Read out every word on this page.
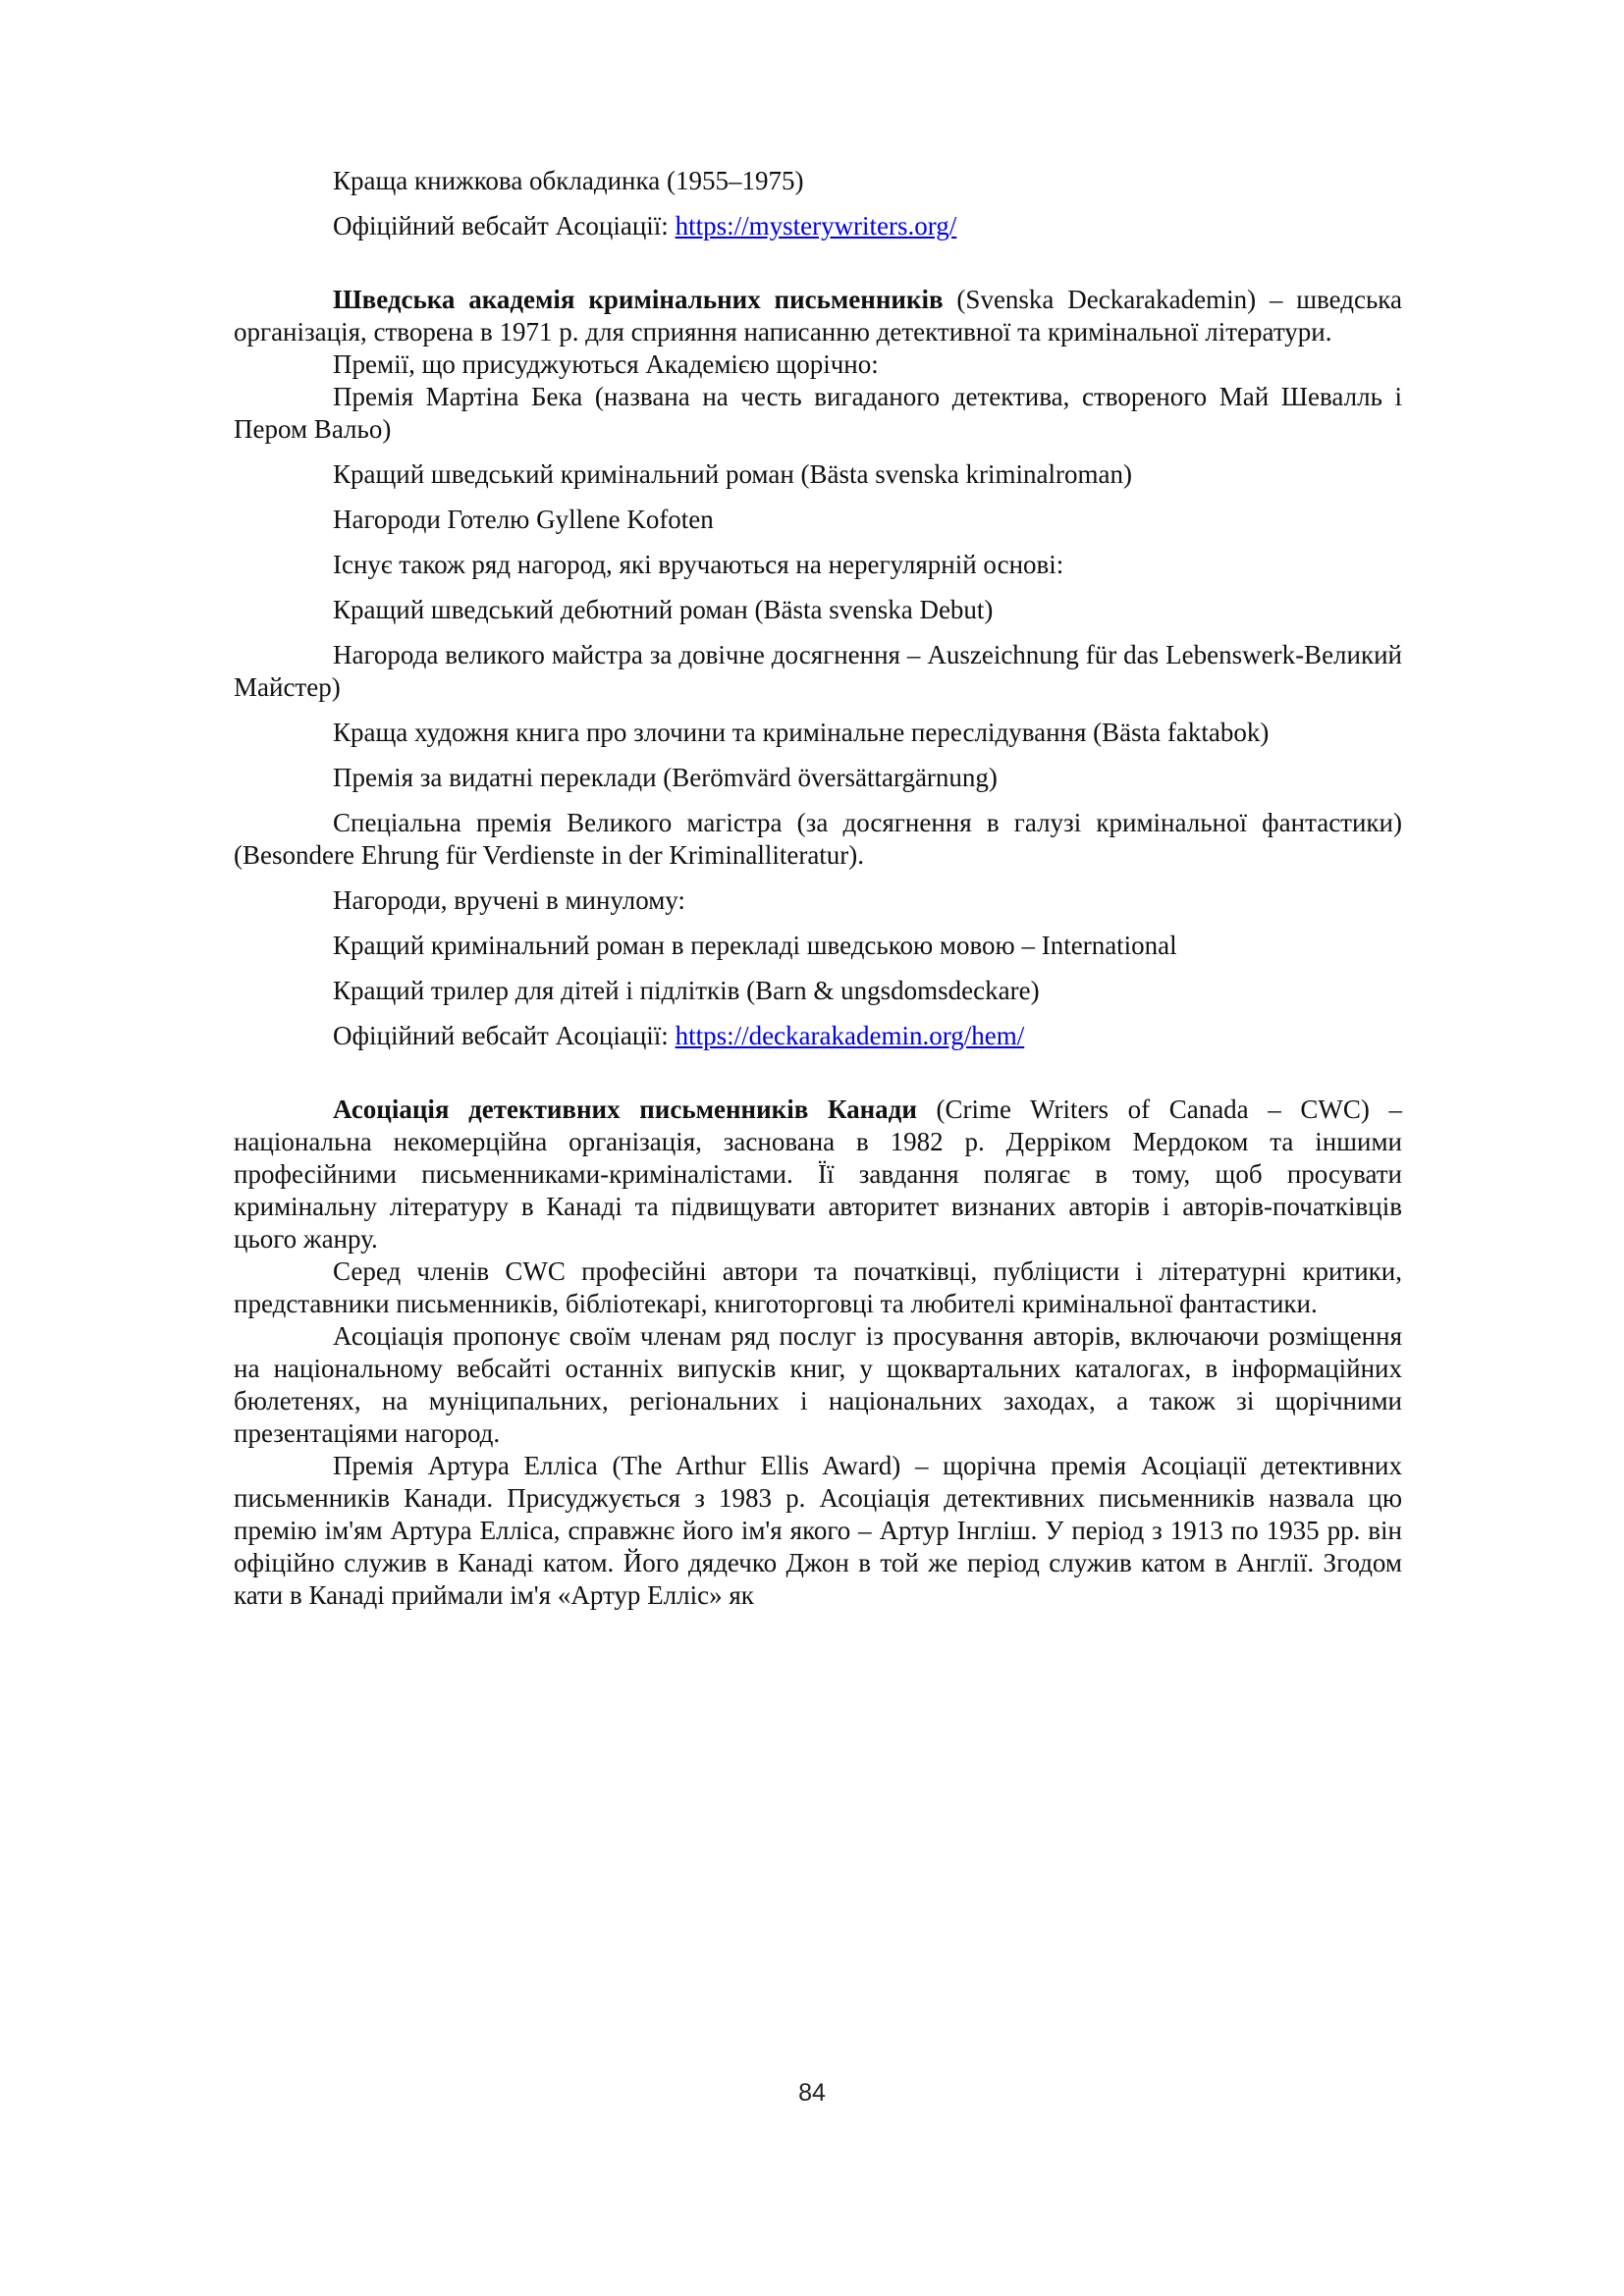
Краща книжкова обкладинка (1955–1975)

Офіційний вебсайт Асоціації: https://mysterywriters.org/

Шведська академія кримінальних письменників (Svenska Deckarakademin) – шведська організація, створена в 1971 р. для сприяння написанню детективної та кримінальної літератури.

Премії, що присуджуються Академією щорічно:

Премія Мартіна Бека (названа на честь вигаданого детектива, створеного Май Шевалль і Пером Вальо)

Кращий шведський кримінальний роман (Bästa svenska kriminalroman)

Нагороди Готелю Gyllene Kofoten

Існує також ряд нагород, які вручаються на нерегулярній основі:

Кращий шведський дебютний роман (Bästa svenska Debut)

Нагорода великого майстра за довічне досягнення – Auszeichnung für das Lebenswerk-Великий Майстер)

Краща художня книга про злочини та кримінальне переслідування (Bästa faktabok)

Премія за видатні переклади (Berömvärd översättargärnung)

Спеціальна премія Великого магістра (за досягнення в галузі кримінальної фантастики) (Besondere Ehrung für Verdienste in der Kriminalliteratur).

Нагороди, вручені в минулому:

Кращий кримінальний роман в перекладі шведською мовою – International

Кращий трилер для дітей і підлітків (Barn & ungsdomsdeckare)

Офіційний вебсайт Асоціації: https://deckarakademin.org/hem/

Асоціація детективних письменників Канади (Crime Writers of Canada – CWC) – національна некомерційна організація, заснована в 1982 р. Дерріком Мердоком та іншими професійними письменниками-криміналістами. Її завдання полягає в тому, щоб просувати кримінальну літературу в Канаді та підвищувати авторитет визнаних авторів і авторів-початківців цього жанру.

Серед членів CWC професійні автори та початківці, публіцисти і літературні критики, представники письменників, бібліотекарі, книготорговці та любителі кримінальної фантастики.

Асоціація пропонує своїм членам ряд послуг із просування авторів, включаючи розміщення на національному вебсайті останніх випусків книг, у щоквартальних каталогах, в інформаційних бюлетенях, на муніципальних, регіональних і національних заходах, а також зі щорічними презентаціями нагород.

Премія Артура Елліса (The Arthur Ellis Award) – щорічна премія Асоціації детективних письменників Канади. Присуджується з 1983 р. Асоціація детективних письменників назвала цю премію ім'ям Артура Елліса, справжнє його ім'я якого – Артур Інгліш. У період з 1913 по 1935 рр. він офіційно служив в Канаді катом. Його дядечко Джон в той же період служив катом в Англії. Згодом кати в Канаді приймали ім'я «Артур Елліс» як

84
